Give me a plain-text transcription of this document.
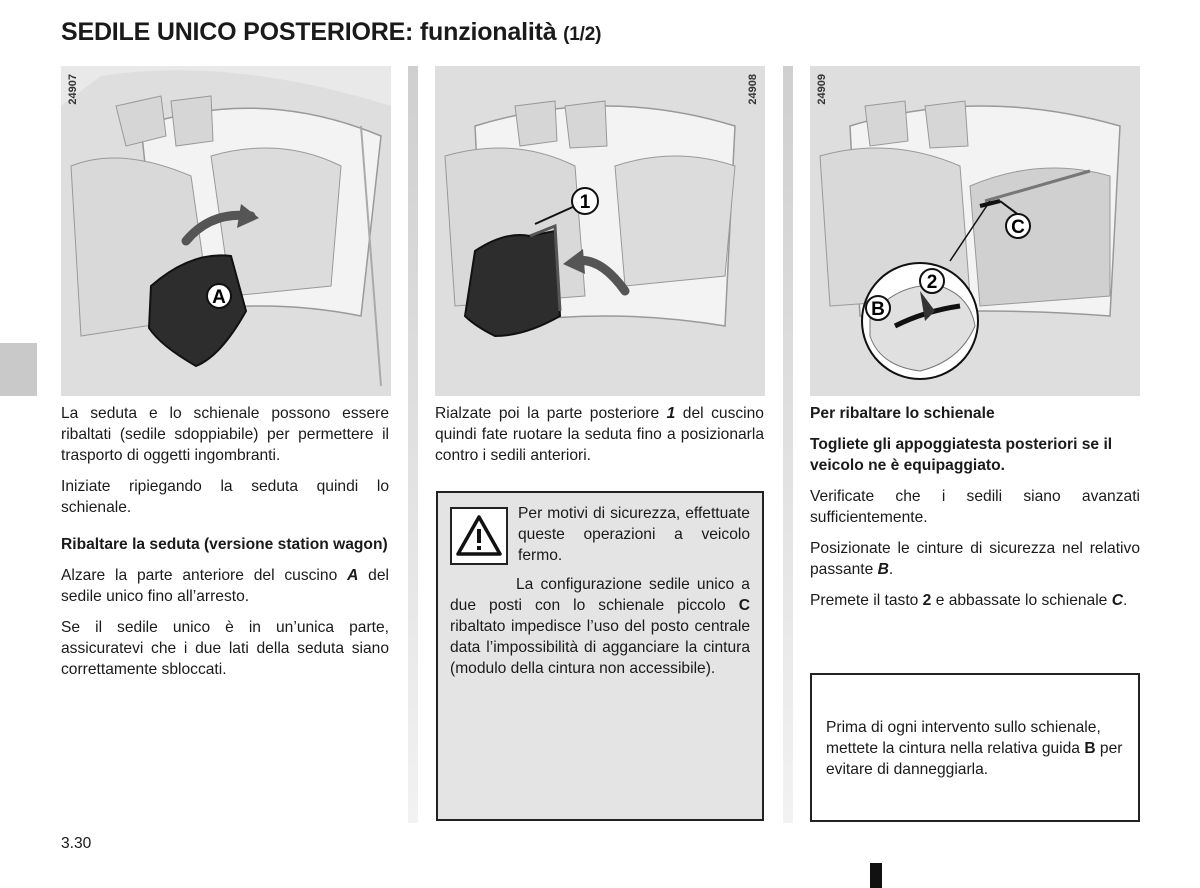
SEDILE UNICO POSTERIORE: funzionalità (1/2)
A
24907
1
24908
C
2
B
24909

La seduta e lo schienale possono essere ribaltati (sedile sdoppiabile) per permettere il trasporto di oggetti ingombranti.

Iniziate ripiegando la seduta quindi lo schienale.

Ribaltare la seduta (versione station wagon)

Alzare la parte anteriore del cuscino A del sedile unico fino all’arresto.

Se il sedile unico è in un’unica parte, assicuratevi che i due lati della seduta siano correttamente sbloccati.

Rialzate poi la parte posteriore 1 del cuscino quindi fate ruotare la seduta fino a posizionarla contro i sedili anteriori.

Per motivi di sicurezza, effettuate queste operazioni a veicolo fermo.

La configurazione sedile unico a due posti con lo schienale piccolo C ribaltato impedisce l’uso del posto centrale data l’impossibilità di agganciare la cintura (modulo della cintura non accessibile).

Per ribaltare lo schienale

Togliete gli appoggiatesta posteriori se il veicolo ne è equipaggiato.

Verificate che i sedili siano avanzati sufficientemente.

Posizionate le cinture di sicurezza nel relativo passante B.

Premete il tasto 2 e abbassate lo schienale C.

Prima di ogni intervento sullo schienale, mettete la cintura nella relativa guida B per evitare di danneggiarla.

3.30
